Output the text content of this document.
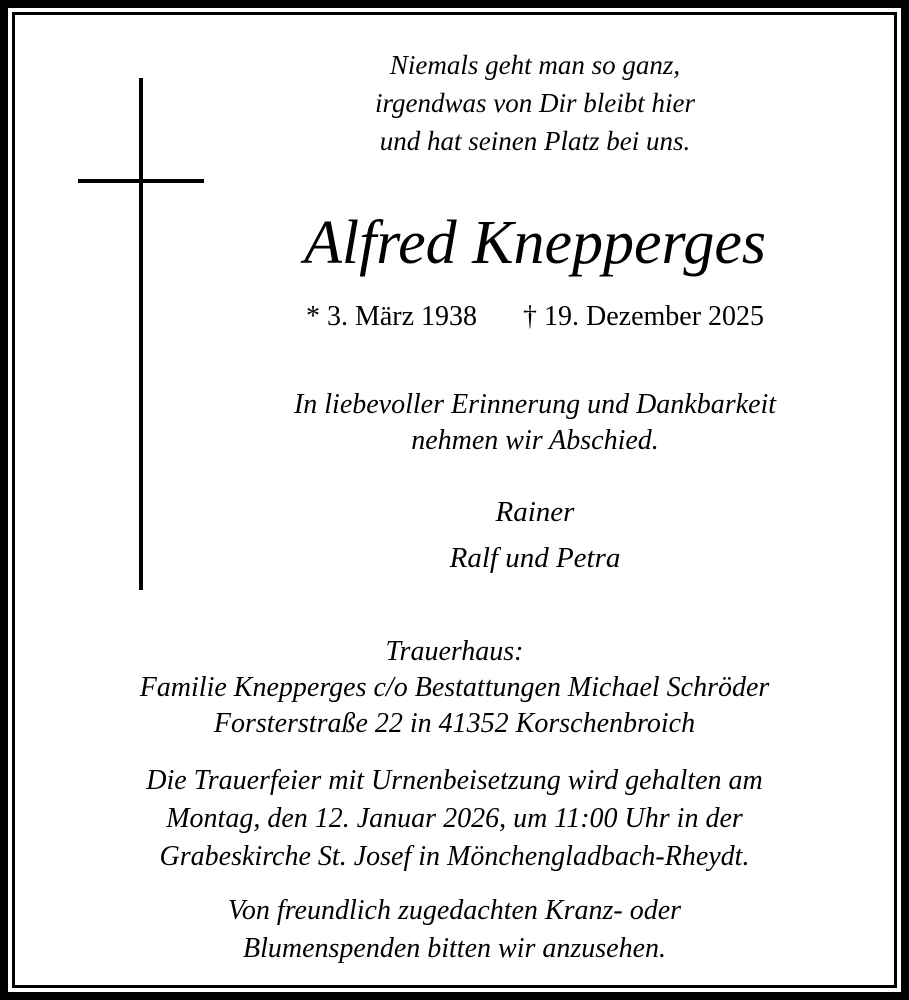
Niemals geht man so ganz,
irgendwas von Dir bleibt hier
und hat seinen Platz bei uns.
Alfred Knepperges
* 3. März 1938 † 19. Dezember 2025
In liebevoller Erinnerung und Dankbarkeit
nehmen wir Abschied.
Rainer
Ralf und Petra
Trauerhaus:
Familie Knepperges c/o Bestattungen Michael Schröder
Forsterstraße 22 in 41352 Korschenbroich
Die Trauerfeier mit Urnenbeisetzung wird gehalten am
Montag, den 12. Januar 2026, um 11:00 Uhr in der
Grabeskirche St. Josef in Mönchengladbach-Rheydt.
Von freundlich zugedachten Kranz- oder
Blumenspenden bitten wir anzusehen.
